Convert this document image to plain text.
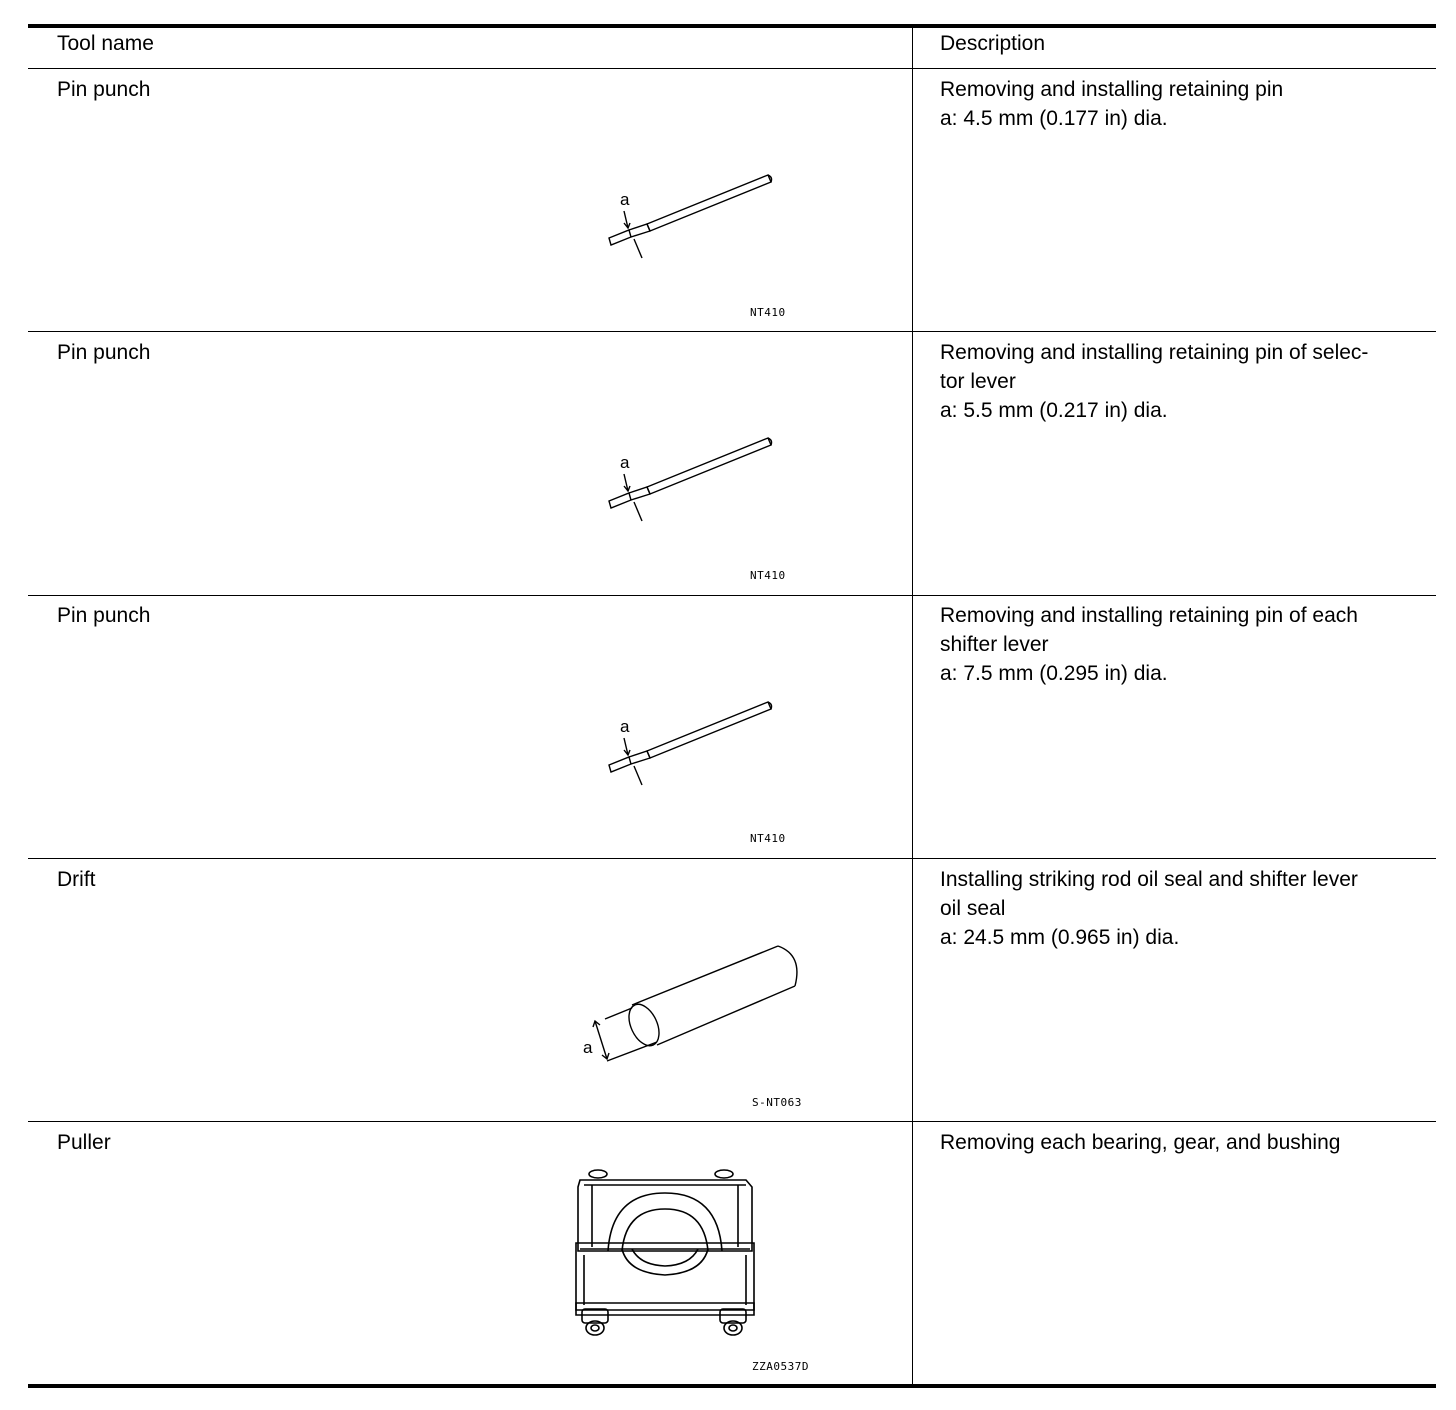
Tool name	Description
Pin punch	Removing and installing retaining pin
a: 4.5 mm (0.177 in) dia.
a
NT410
Pin punch	Removing and installing retaining pin of selec-
tor lever
a: 5.5 mm (0.217 in) dia.
a
NT410
Pin punch	Removing and installing retaining pin of each
shifter lever
a: 7.5 mm (0.295 in) dia.
a
NT410
Drift	Installing striking rod oil seal and shifter lever
oil seal
a: 24.5 mm (0.965 in) dia.
a
S-NT063
Puller	Removing each bearing, gear, and bushing
ZZA0537D
